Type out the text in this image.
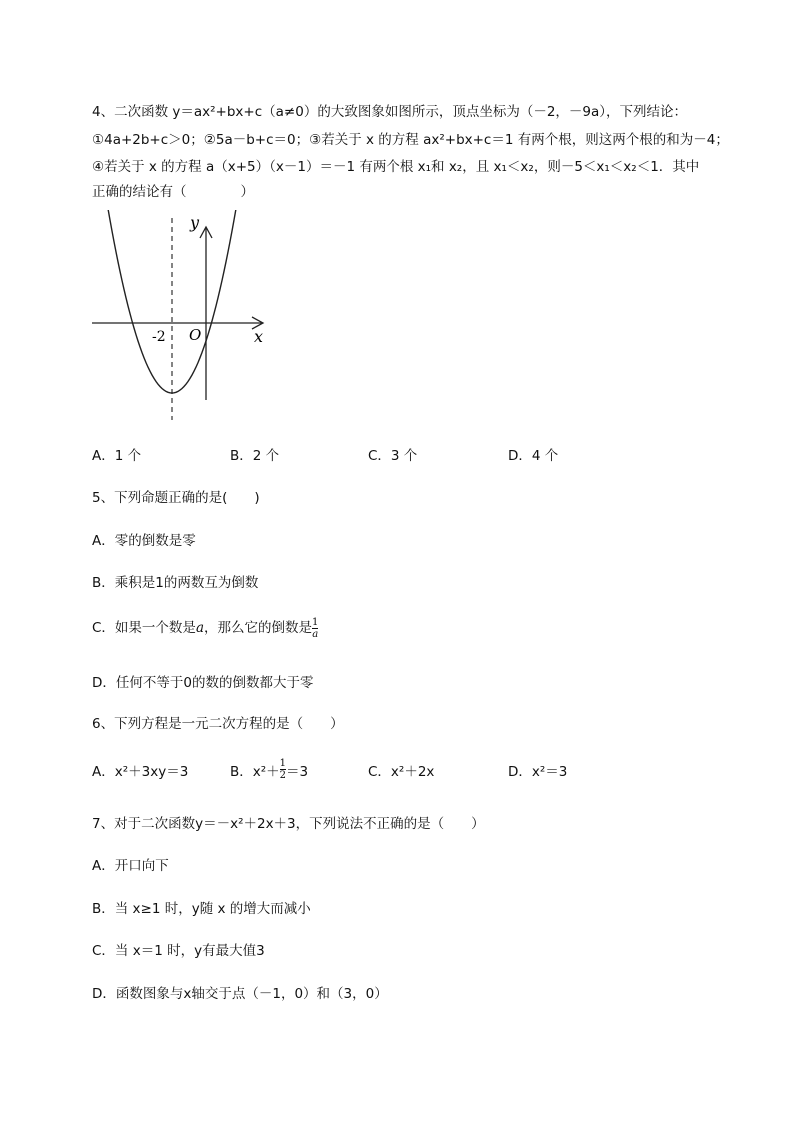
4、二次函数 y＝ax²+bx+c（a≠0）的大致图象如图所示，顶点坐标为（－2，－9a），下列结论：
①4a+2b+c＞0；②5a－b+c＝0；③若关于 x 的方程 ax²+bx+c＝1 有两个根，则这两个根的和为－4；
④若关于 x 的方程 a（x+5）（x－1）＝－1 有两个根 x₁和 x₂，且 x₁＜x₂，则－5＜x₁＜x₂＜1．其中
正确的结论有（　　　　）
y
x
O
-2
A．1 个	B．2 个	C．3 个	D．4 个
5、下列命题正确的是(　　)
A．零的倒数是零
B．乘积是1的两数互为倒数
C．如果一个数是a，那么它的倒数是 $\frac{1}{a}$
D．任何不等于0的数的倒数都大于零
6、下列方程是一元二次方程的是（　　）
A．x²＋3xy＝3	B．$x^2+ \frac{1}{2} =3$	C．x²＋2x	D．x²＝3
7、对于二次函数y＝－x²＋2x＋3，下列说法不正确的是（　　）
A．开口向下
B．当 x≥1 时，y随 x 的增大而减小
C．当 x＝1 时，y有最大值3
D．函数图象与x轴交于点（－1，0）和（3，0）
